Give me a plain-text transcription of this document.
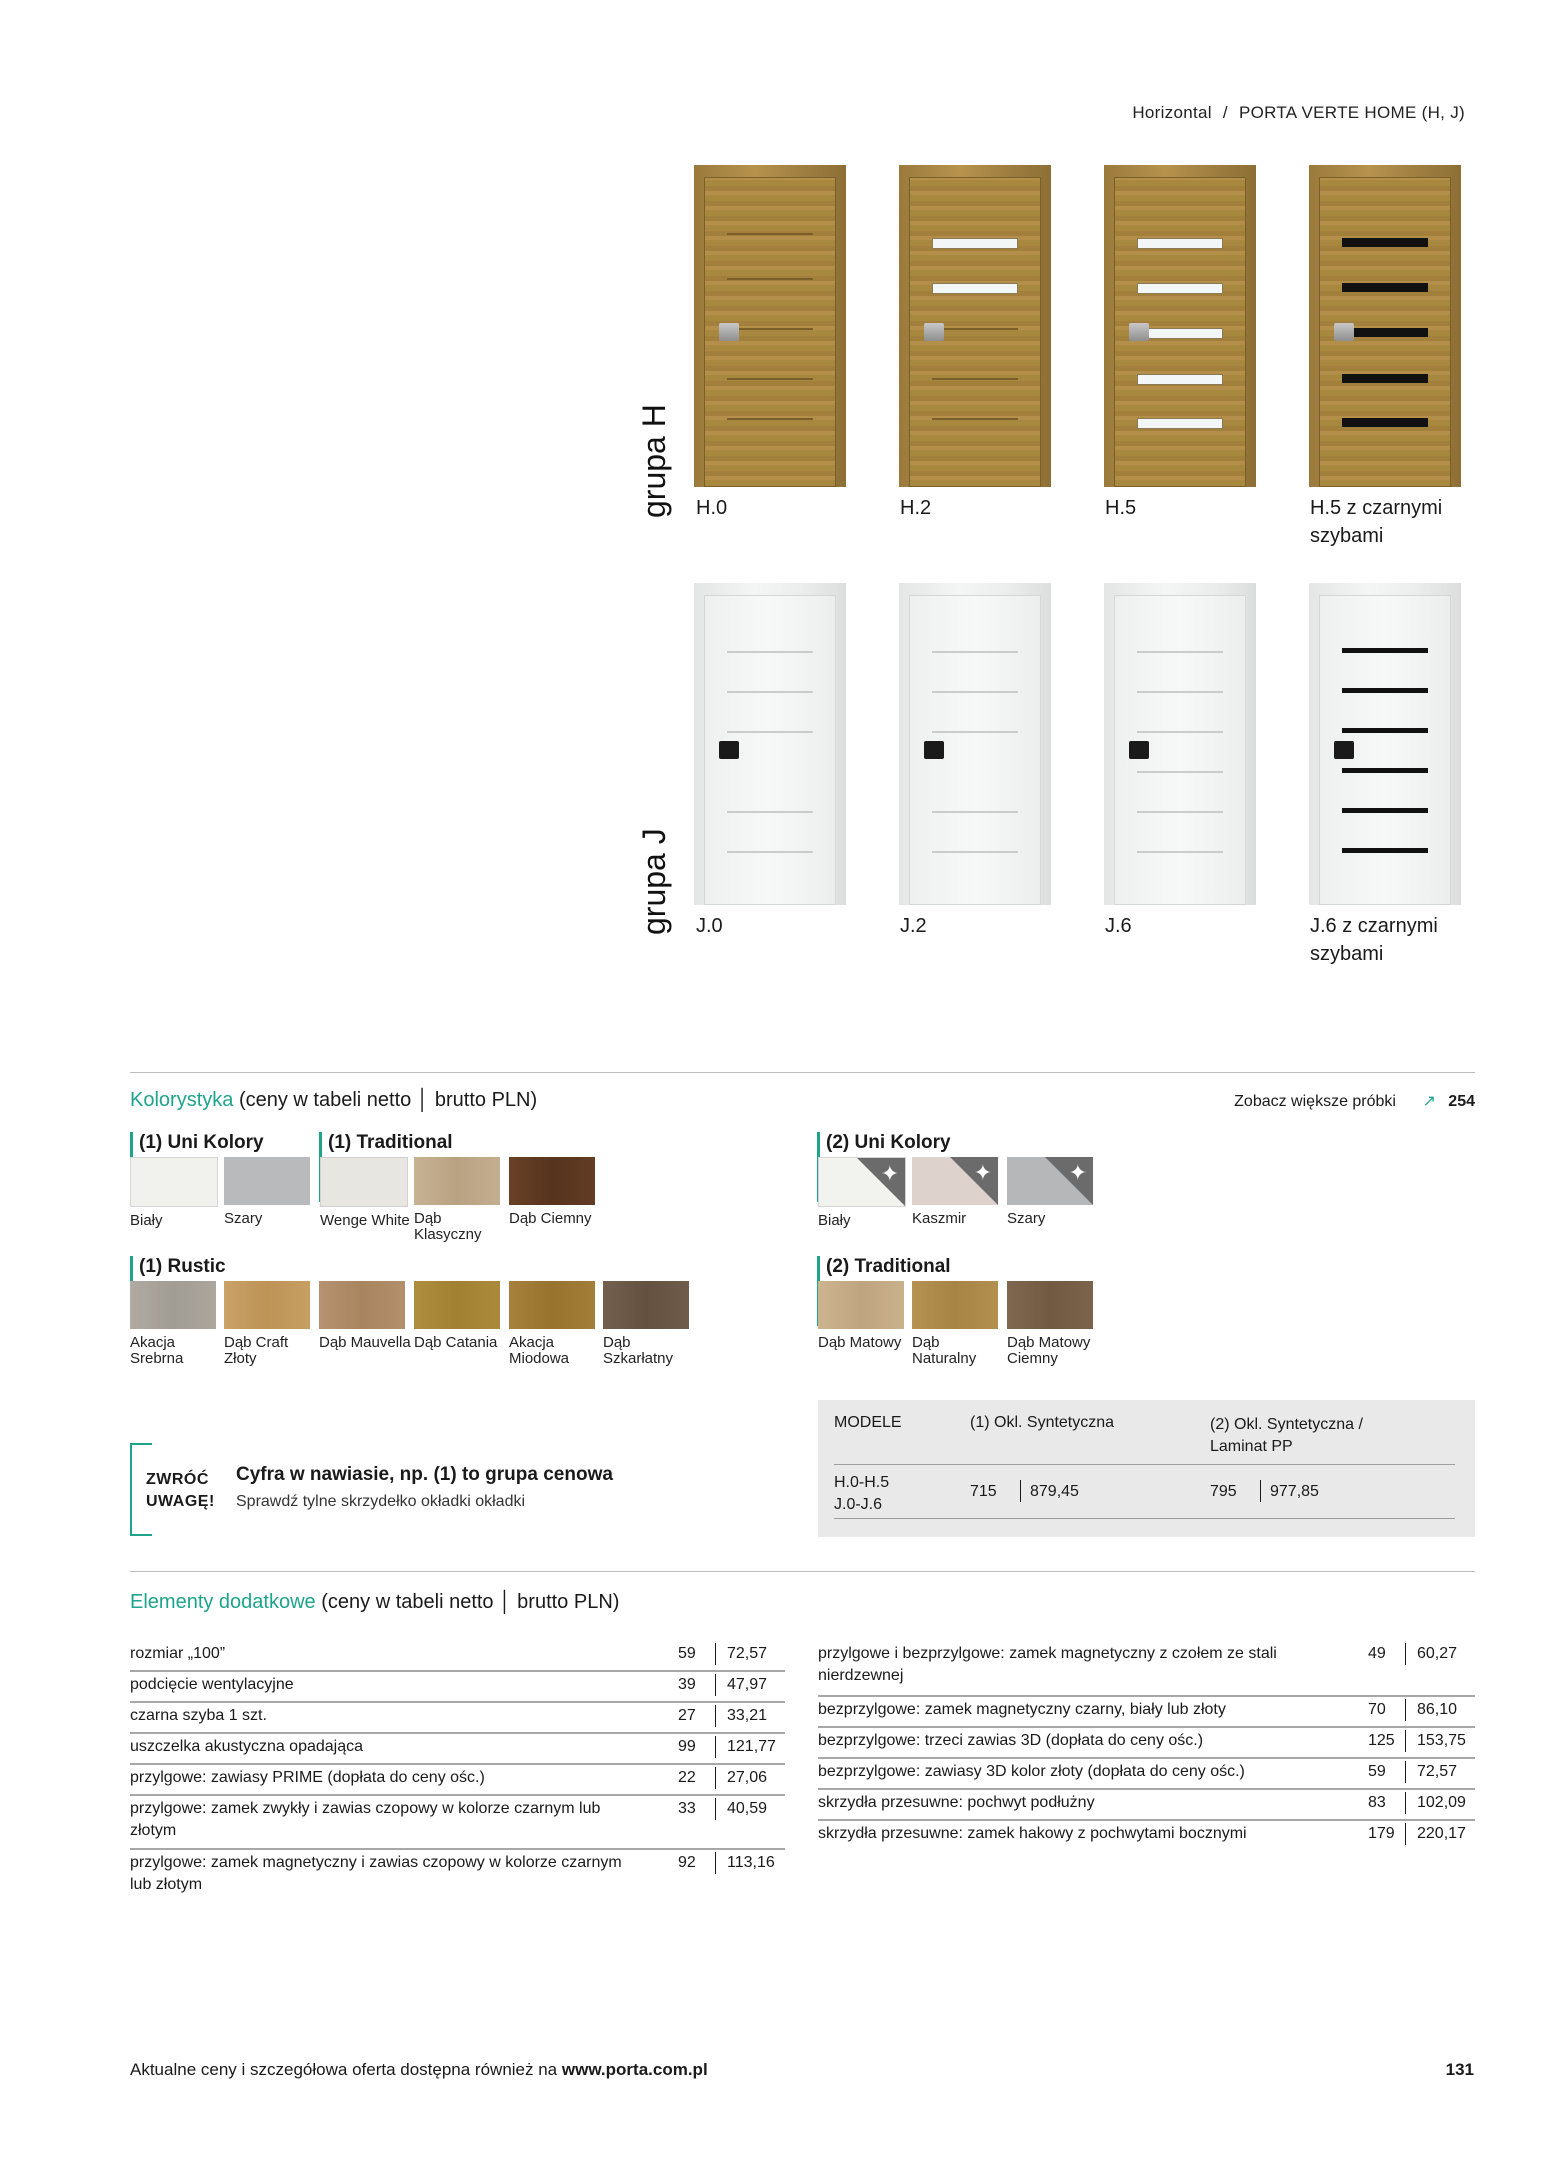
Horizontal / PORTA VERTE HOME (H, J)
grupa H
grupa J
H.0	H.2	H.5	H.5 z czarnymi szybami
J.0	J.2	J.6	J.6 z czarnymi szybami
Kolorystyka (ceny w tabeli netto │ brutto PLN)	Zobacz większe próbki ↗ 254
(1) Uni Kolory
Biały	Szary
(1) Traditional
Wenge White Dąb Klasyczny
Dąb Ciemny
(1) Rustic
Akacja Srebrna
Dąb Craft Złoty
Dąb Mauvella Dąb Catania Akacja Miodowa
Dąb Szkarłatny
(2) Uni Kolory
✦	✦	✦
Biały	Kaszmir	Szary
(2) Traditional
Dąb Matowy Dąb Naturalny
Dąb Matowy Ciemny
ZWRÓĆ
UWAGĘ!
Cyfra w nawiasie, np. (1) to grupa cenowa
Sprawdź tylne skrzydełko okładki okładki
MODELE	(1) Okl. Syntetyczna	(2) Okl. Syntetyczna / Laminat PP
H.0-H.5
J.0-J.6
715 879,45	795 977,85
Elementy dodatkowe (ceny w tabeli netto │ brutto PLN)
rozmiar „100”	59 72,57
podcięcie wentylacyjne	39 47,97
czarna szyba 1 szt.	27 33,21
uszczelka akustyczna opadająca	99 121,77
przylgowe: zawiasy PRIME (dopłata do ceny ośc.)	22 27,06
przylgowe: zamek zwykły i zawias czopowy w kolorze czarnym lub złotym
33 40,59
przylgowe: zamek magnetyczny i zawias czopowy w kolorze czarnym lub złotym
92 113,16
przylgowe i bezprzylgowe: zamek magnetyczny z czołem ze stali nierdzewnej
49 60,27
bezprzylgowe: zamek magnetyczny czarny, biały lub złoty	70 86,10
bezprzylgowe: trzeci zawias 3D (dopłata do ceny ośc.)	125 153,75
bezprzylgowe: zawiasy 3D kolor złoty (dopłata do ceny ośc.)	59 72,57
skrzydła przesuwne: pochwyt podłużny	83 102,09
skrzydła przesuwne: zamek hakowy z pochwytami bocznymi	179 220,17
Aktualne ceny i szczegółowa oferta dostępna również na www.porta.com.pl	131
